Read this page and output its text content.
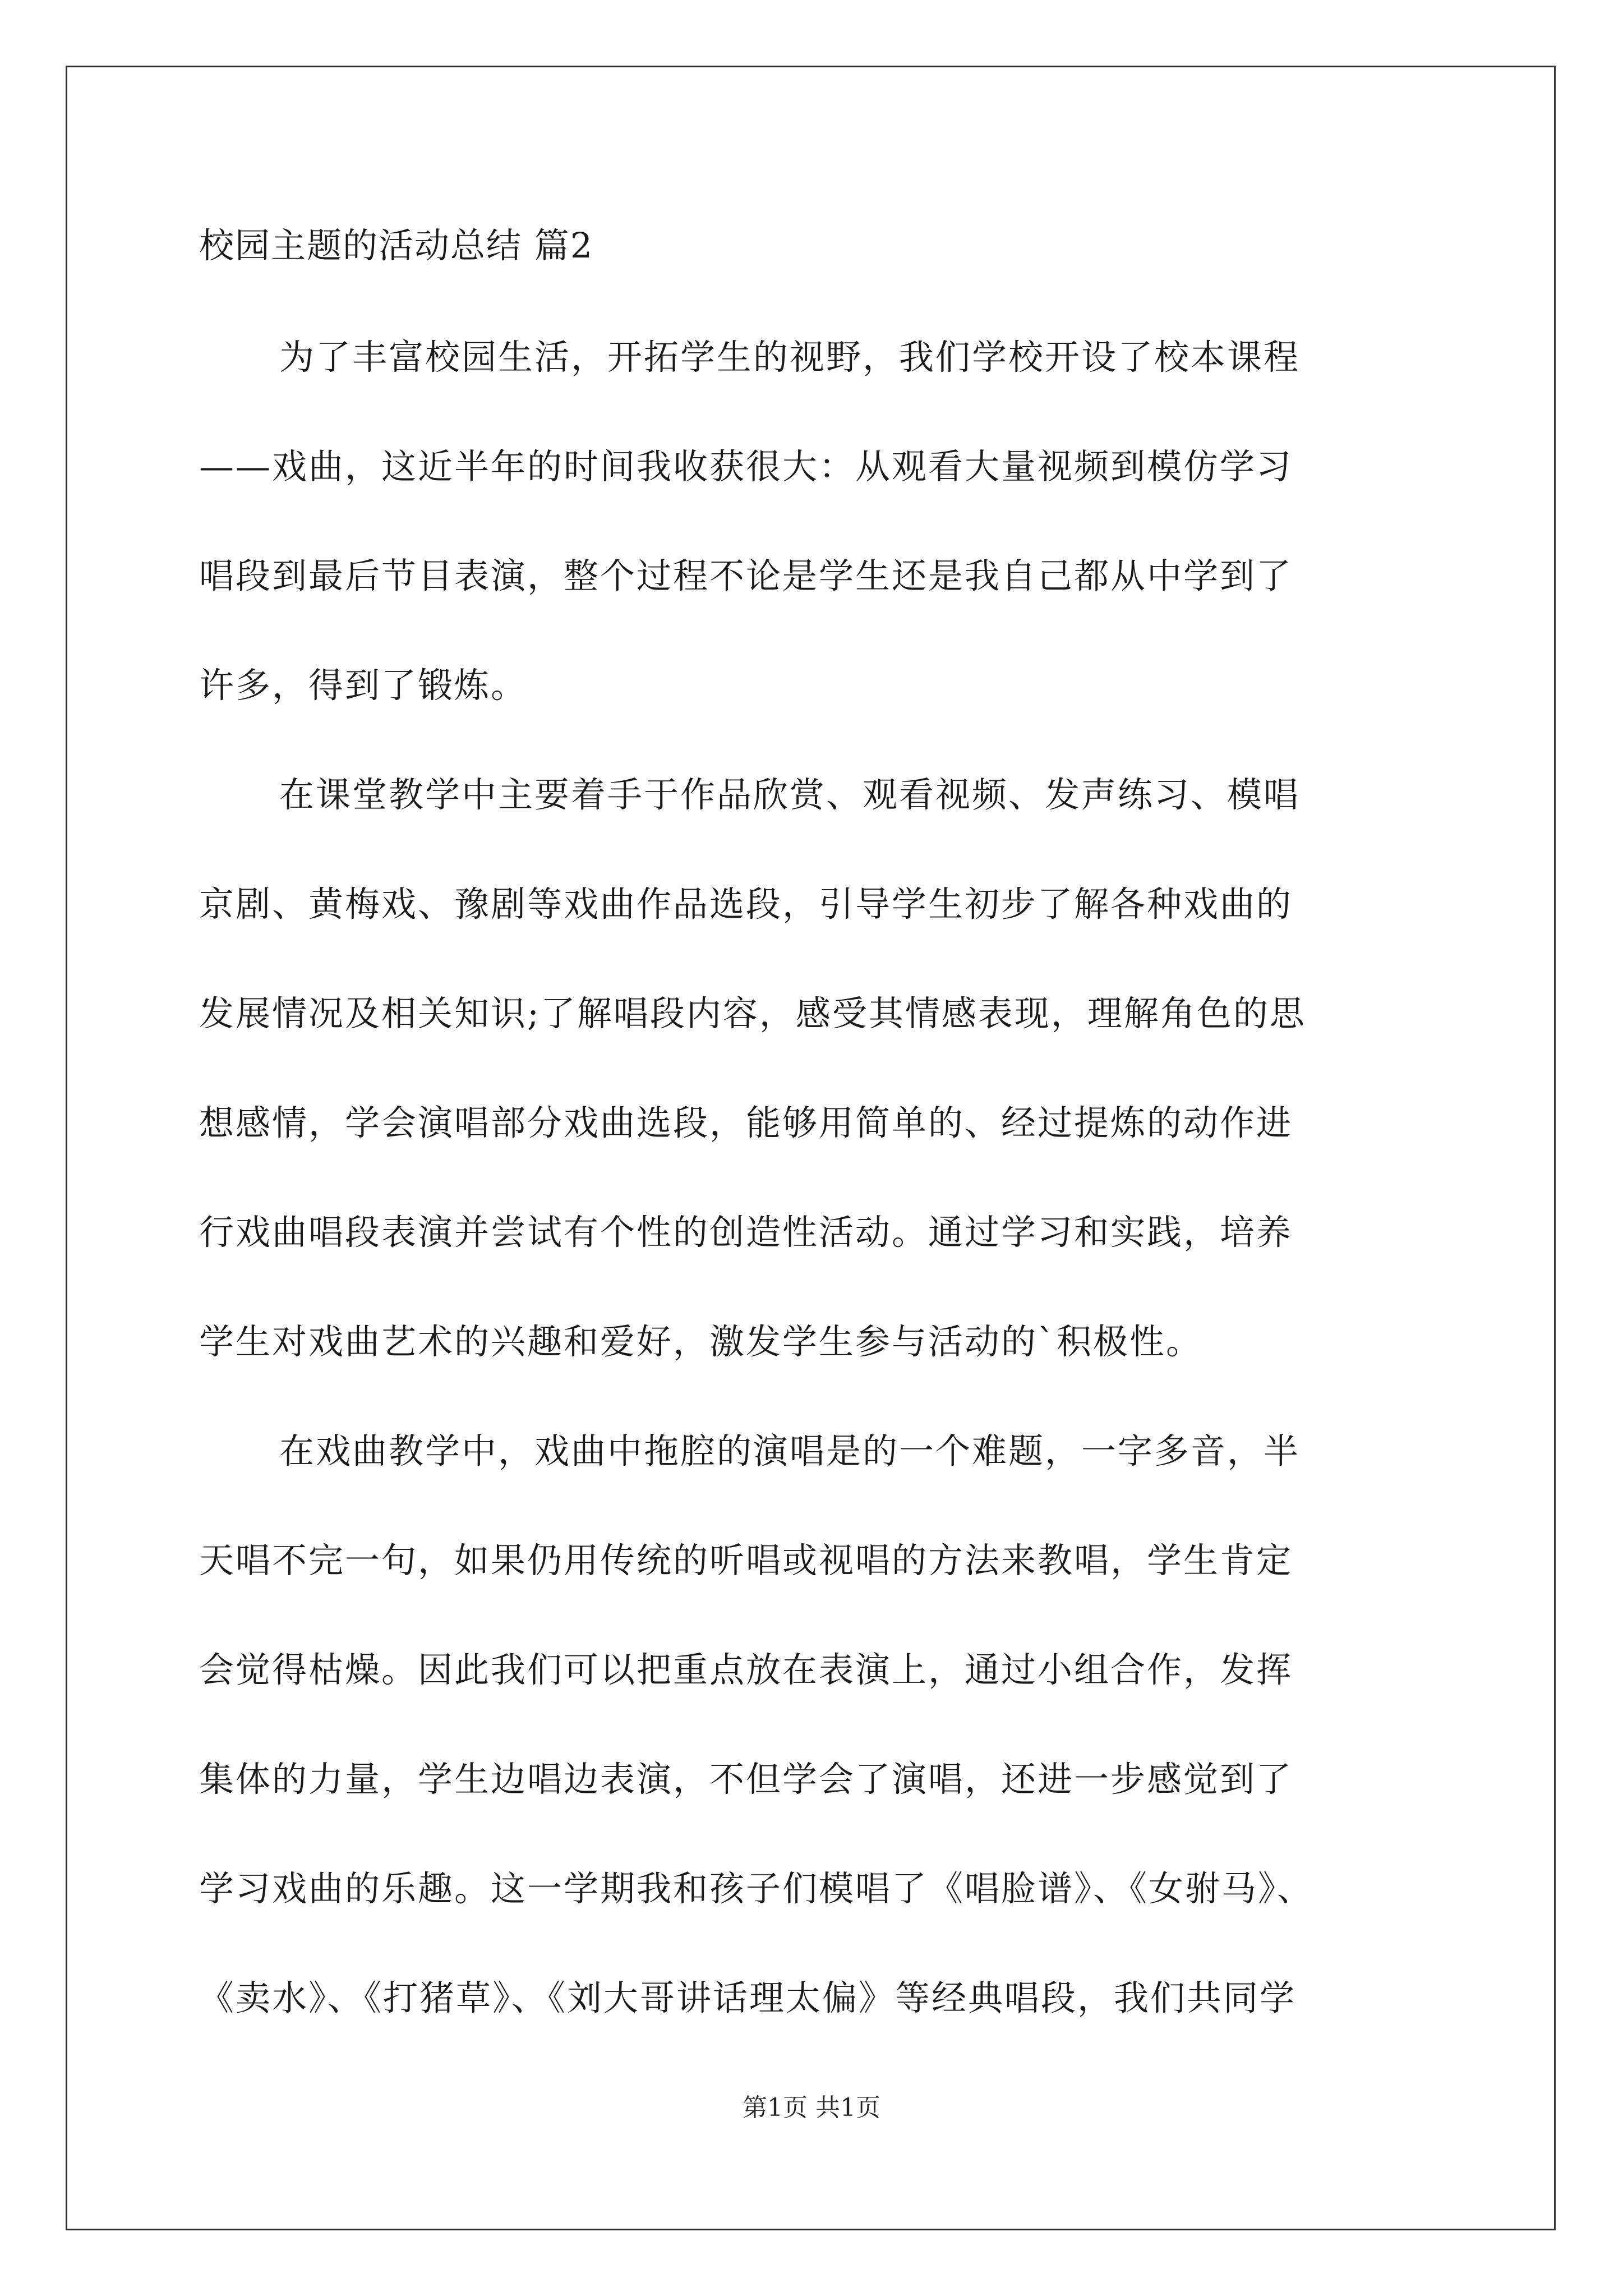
校园主题的活动总结 篇2
为了丰富校园生活，开拓学生的视野，我们学校开设了校本课程
——戏曲，这近半年的时间我收获很大：从观看大量视频到模仿学习
唱段到最后节目表演，整个过程不论是学生还是我自己都从中学到了
许多，得到了锻炼。
在课堂教学中主要着手于作品欣赏、观看视频、发声练习、模唱
京剧、黄梅戏、豫剧等戏曲作品选段，引导学生初步了解各种戏曲的
发展情况及相关知识;了解唱段内容，感受其情感表现，理解角色的思
想感情，学会演唱部分戏曲选段，能够用简单的、经过提炼的动作进
行戏曲唱段表演并尝试有个性的创造性活动。通过学习和实践，培养
学生对戏曲艺术的兴趣和爱好，激发学生参与活动的`积极性。
在戏曲教学中，戏曲中拖腔的演唱是的一个难题，一字多音，半
天唱不完一句，如果仍用传统的听唱或视唱的方法来教唱，学生肯定
会觉得枯燥。因此我们可以把重点放在表演上，通过小组合作，发挥
集体的力量，学生边唱边表演，不但学会了演唱，还进一步感觉到了
学习戏曲的乐趣。这一学期我和孩子们模唱了《唱脸谱》、《女驸马》、
《卖水》、《打猪草》、《刘大哥讲话理太偏》等经典唱段，我们共同学
第1页 共1页
